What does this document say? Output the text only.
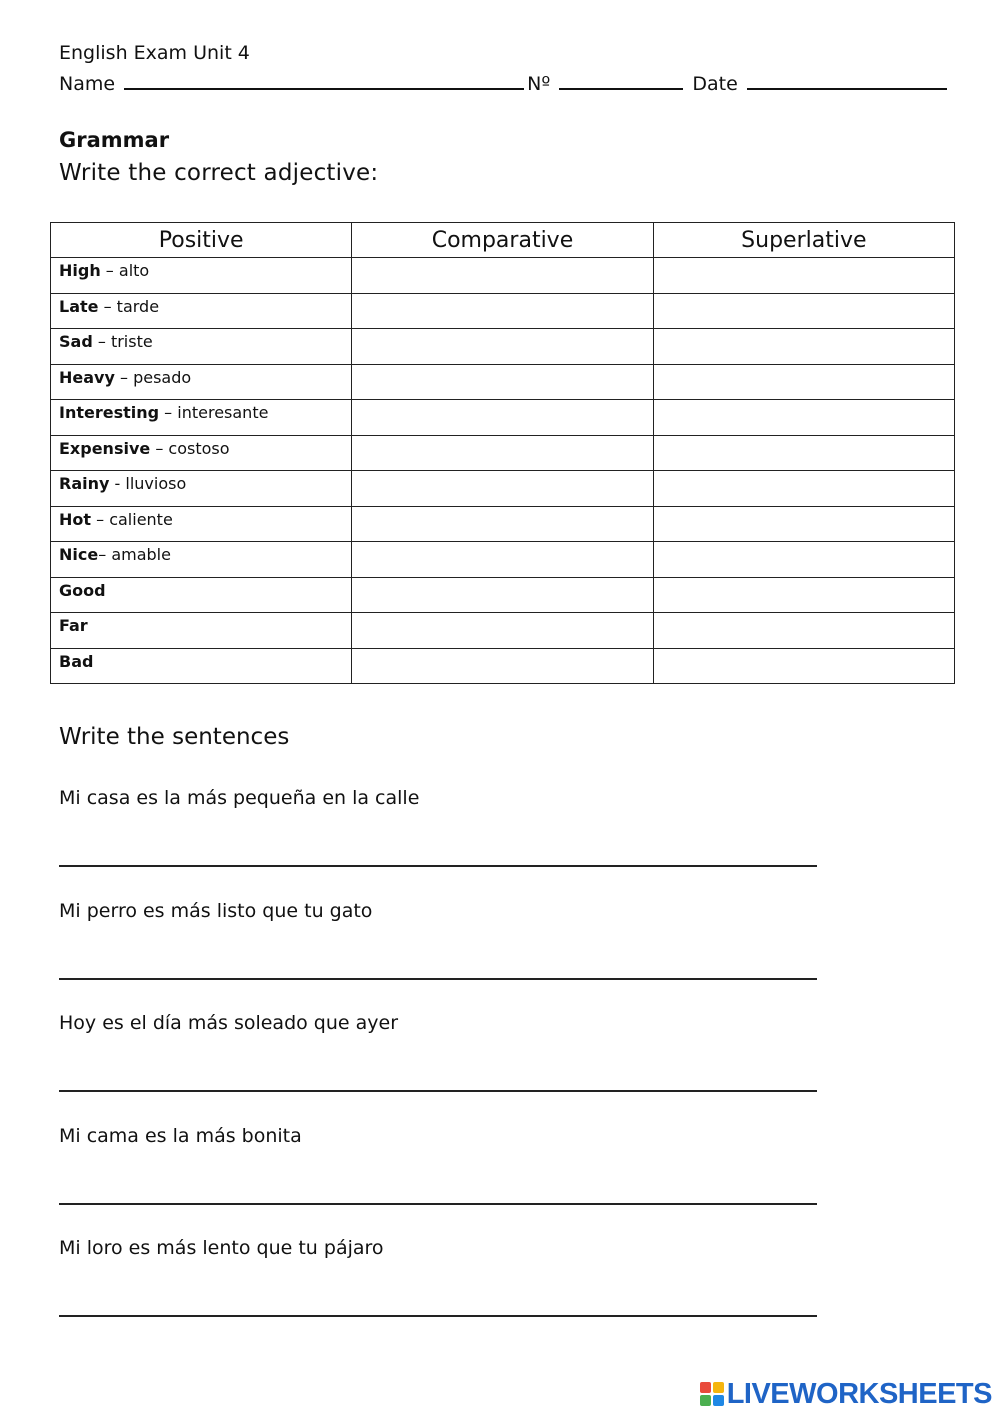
English Exam Unit 4
Name	Nº	Date
Grammar
Write the correct adjective:
Positive	Comparative	Superlative

High – alto		

Late – tarde		

Sad – triste		

Heavy – pesado		

Interesting – interesante		

Expensive – costoso		

Rainy - lluvioso		

Hot – caliente		

Nice– amable		

Good		

Far		

Bad		

Write the sentences
Mi casa es la más pequeña en la calle
Mi perro es más listo que tu gato
Hoy es el día más soleado que ayer
Mi cama es la más bonita
Mi loro es más lento que tu pájaro
LIVEWORKSHEETS
